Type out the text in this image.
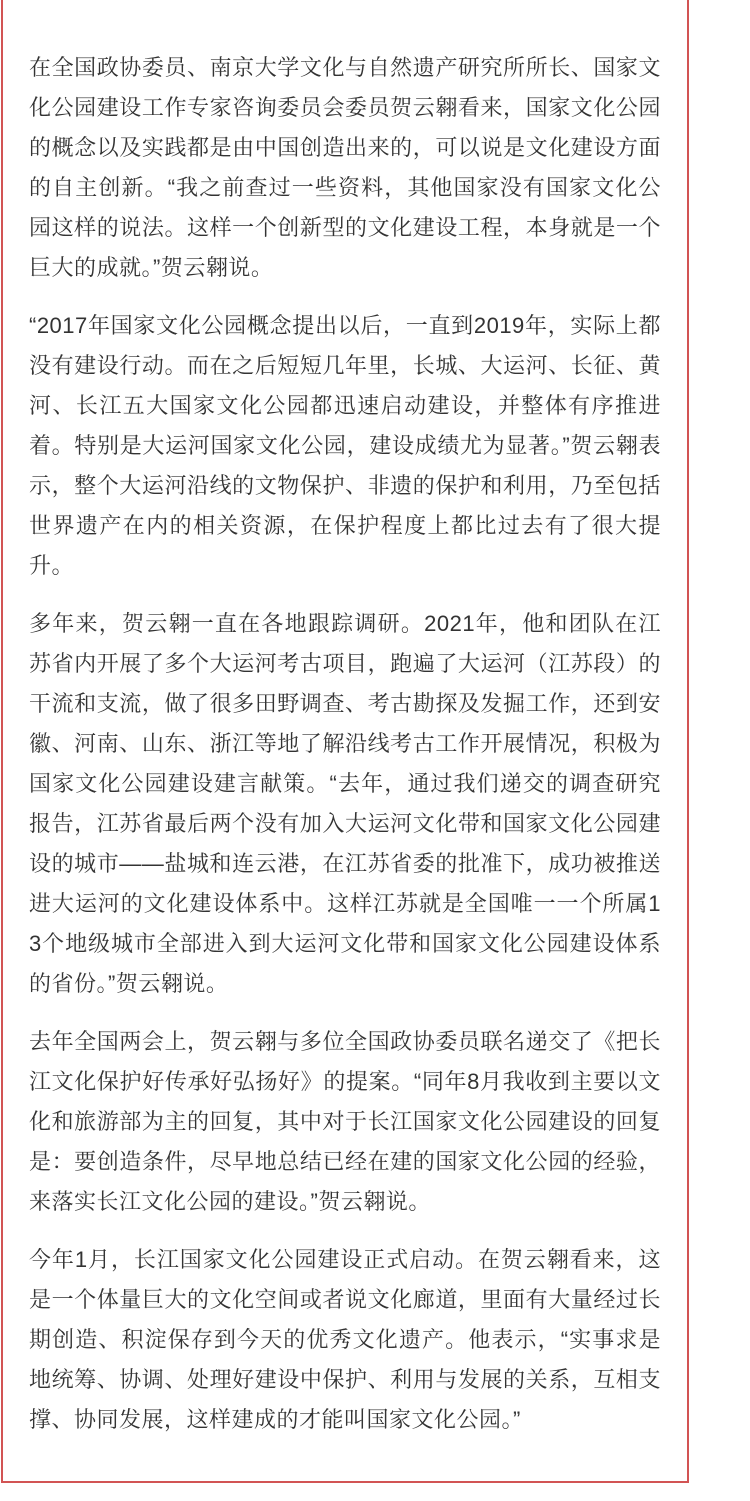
在全国政协委员、南京大学文化与自然遗产研究所所长、国家文化公园建设工作专家咨询委员会委员贺云翱看来，国家文化公园的概念以及实践都是由中国创造出来的，可以说是文化建设方面的自主创新。“我之前查过一些资料，其他国家没有国家文化公园这样的说法。这样一个创新型的文化建设工程，本身就是一个巨大的成就。”贺云翱说。

“2017年国家文化公园概念提出以后，一直到2019年，实际上都没有建设行动。而在之后短短几年里，长城、大运河、长征、黄河、长江五大国家文化公园都迅速启动建设，并整体有序推进着。特别是大运河国家文化公园，建设成绩尤为显著。”贺云翱表示，整个大运河沿线的文物保护、非遗的保护和利用，乃至包括世界遗产在内的相关资源，在保护程度上都比过去有了很大提升。

多年来，贺云翱一直在各地跟踪调研。2021年，他和团队在江苏省内开展了多个大运河考古项目，跑遍了大运河（江苏段）的干流和支流，做了很多田野调查、考古勘探及发掘工作，还到安徽、河南、山东、浙江等地了解沿线考古工作开展情况，积极为国家文化公园建设建言献策。“去年，通过我们递交的调查研究报告，江苏省最后两个没有加入大运河文化带和国家文化公园建设的城市——盐城和连云港，在江苏省委的批准下，成功被推送进大运河的文化建设体系中。这样江苏就是全国唯一一个所属13个地级城市全部进入到大运河文化带和国家文化公园建设体系的省份。”贺云翱说。

去年全国两会上，贺云翱与多位全国政协委员联名递交了《把长江文化保护好传承好弘扬好》的提案。“同年8月我收到主要以文化和旅游部为主的回复，其中对于长江国家文化公园建设的回复是：要创造条件，尽早地总结已经在建的国家文化公园的经验，来落实长江文化公园的建设。”贺云翱说。

今年1月，长江国家文化公园建设正式启动。在贺云翱看来，这是一个体量巨大的文化空间或者说文化廊道，里面有大量经过长期创造、积淀保存到今天的优秀文化遗产。他表示，“实事求是地统筹、协调、处理好建设中保护、利用与发展的关系，互相支撑、协同发展，这样建成的才能叫国家文化公园。”
